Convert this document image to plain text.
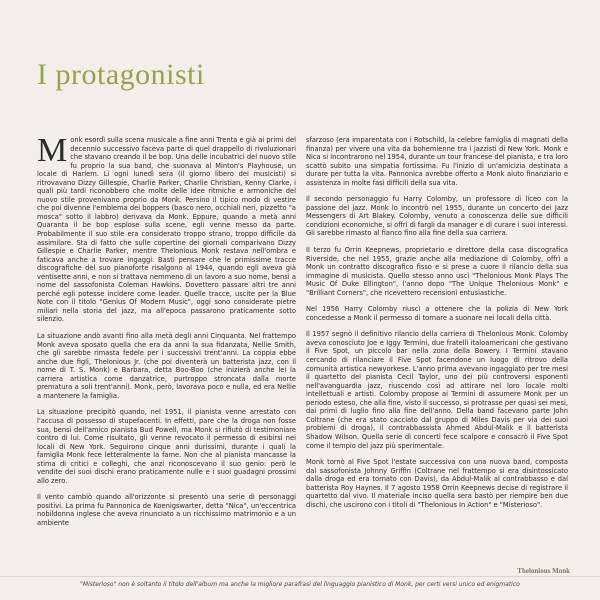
I protagonisti

Monk esordì sulla scena musicale a fine anni Trenta e già ai primi del decennio successivo faceva parte di quel drappello di rivoluzionari che stavano creando il be bop. Una delle incubatrici del nuovo stile fu proprio la sua band, che suonava al Minton's Playhouse, un locale di Harlem. Lì ogni lunedì sera (il giorno libero dei musicisti) si ritrovavano Dizzy Gillespie, Charlie Parker, Charlie Christian, Kenny Clarke, i quali più tardi riconobbero che molte delle idee ritmiche e armoniche del nuovo stile provenivano proprio da Monk. Persino il tipico modo di vestire che poi divenne l'emblema dei boppers (basco nero, occhiali neri, pizzetto "a mosca" sotto il labbro) derivava da Monk. Eppure, quando a metà anni Quaranta il be bop esplose sulla scene, egli venne messo da parte. Probabilmente il suo stile era considerato troppo strano, troppo difficile da assimilare. Sta di fatto che sulle copertine dei giornali comparivano Dizzy Gillespie e Charlie Parker, mentre Thelonious Monk restava nell'ombra e faticava anche a trovare ingaggi. Basti pensare che le primissime tracce discografiche del suo pianoforte risalgono al 1944, quando egli aveva già ventisette anni, e non si trattava nemmeno di un lavoro a suo nome, bensì a nome del sassofonista Coleman Hawkins. Dovettero passare altri tre anni perché egli potesse incidere come leader. Quelle tracce, uscite per la Blue Note con il titolo "Genius Of Modern Music", oggi sono considerate pietre miliari nella storia del jazz, ma all'epoca passarono praticamente sotto silenzio.

La situazione andò avanti fino alla metà degli anni Cinquanta. Nel frattempo Monk aveva sposato quella che era da anni la sua fidanzata, Nellie Smith, che gli sarebbe rimasta fedele per i successivi trent'anni. La coppia ebbe anche due figli, Thelonious Jr. (che poi diventerà un batterista jazz, con il nome di T. S. Monk) e Barbara, detta Boo-Boo (che inizierà anche lei la carriera artistica come danzatrice, purtroppo stroncata dalla morte prematura a soli trent'anni). Monk, però, lavorava poco e nulla, ed era Nellie a mantenere la famiglia.

La situazione precipitò quando, nel 1951, il pianista venne arrestato con l'accusa di possesso di stupefacenti. In effetti, pare che la droga non fosse sua, bensì dell'amico pianista Bud Powell, ma Monk si rifiutò di testimoniare contro di lui. Come risultato, gli venne revocato il permesso di esibirsi nei locali di New York. Seguirono cinque anni durissimi, durante i quali la famiglia Monk fece letteralmente la fame. Non che al pianista mancasse la stima di critici e colleghi, che anzi riconoscevano il suo genio: però le vendite dei suoi dischi erano praticamente nulle e i suoi guadagni prossimi allo zero.

Il vento cambiò quando all'orizzonte si presentò una serie di personaggi positivi. La prima fu Pannonica de Koenigswarter, detta "Nica", un'eccentrica nobildonna inglese che aveva rinunciato a un ricchissimo matrimonio e a un ambiente

sfarzoso (era imparentata con i Rotschild, la celebre famiglia di magnati della finanza) per vivere una vita da bohemienne tra i jazzisti di New York. Monk e Nica si incontrarono nel 1954, durante un tour francese del pianista, e tra loro scattò subito una simpatia fortissima. Fu l'inizio di un'amicizia destinata a durare per tutta la vita. Pannonica avrebbe offerto a Monk aiuto finanziario e assistenza in molte fasi difficili della sua vita.

Il secondo personaggio fu Harry Colomby, un professore di liceo con la passione del jazz. Monk lo incontrò nel 1955, durante un concerto dei Jazz Messengers di Art Blakey. Colomby, venuto a conoscenza delle sue difficili condizioni economiche, si offrì di fargli da manager e di curare i suoi interessi. Gli sarebbe rimasto al fianco fino alla fine della sua carriera.

Il terzo fu Orrin Keepnews, proprietario e direttore della casa discografica Riverside, che nel 1955, grazie anche alla mediazione di Colomby, offrì a Monk un contratto discografico fisso e si prese a cuore il rilancio della sua immagine di musicista. Quello stesso anno uscì "Thelonious Monk Plays The Music Of Duke Ellington", l'anno dopo "The Unique Thelonious Monk" e "Brilliant Corners", che ricevettero recensioni entusiastiche.

Nel 1956 Harry Colomby riuscì a ottenere che la polizia di New York concedesse a Monk il permesso di tornare a suonare nei locali della città.

Il 1957 segnò il definitivo rilancio della carriera di Thelonious Monk. Colomby aveva conosciuto Joe e Iggy Termini, due fratelli italoamericani che gestivano il Five Spot, un piccolo bar nella zona della Bowery. I Termini stavano cercando di rilanciare il Five Spot facendone un luogo di ritrovo della comunità artistica newyorkese. L'anno prima avevano ingaggiato per tre mesi il quartetto del pianista Cecil Taylor, uno dei più controversi esponenti nell'avanguardia jazz, riuscendo così ad attirare nel loro locale molti intellettuali e artisti. Colomby propose ai Termini di assumere Monk per un periodo esteso, che alla fine, visto il successo, si protrasse per quasi sei mesi, dai primi di luglio fino alla fine dell'anno. Della band facevano parte John Coltrane (che era stato cacciato dal gruppo di Miles Davis per via dei suoi problemi di droga), il contrabbassista Ahmed Abdul-Malik e il batterista Shadow Wilson. Quella serie di concerti fece scalpore e consacrò il Five Spot come il tempio del jazz più sperimentale.

Monk tornò al Five Spot l'estate successiva con una nuova band, composta dal sassofonista Johnny Griffin (Coltrane nel frattempo si era disintossicato dalla droga ed era tornato con Davis), da Abdul-Malik al contrabbasso e dal batterista Roy Haynes. Il 7 agosto 1958 Orrin Keepnews decise di registrare il quartetto dal vivo. Il materiale inciso quella sera bastò per riempire ben due dischi, che uscirono con i titoli di "Thelonious In Action" e "Misterioso".

Thelonious Monk
"Misterioso" non è soltanto il titolo dell'album ma anche la migliore parafrasi del linguaggio pianistico di Monk, per certi versi unico ed enigmatico
